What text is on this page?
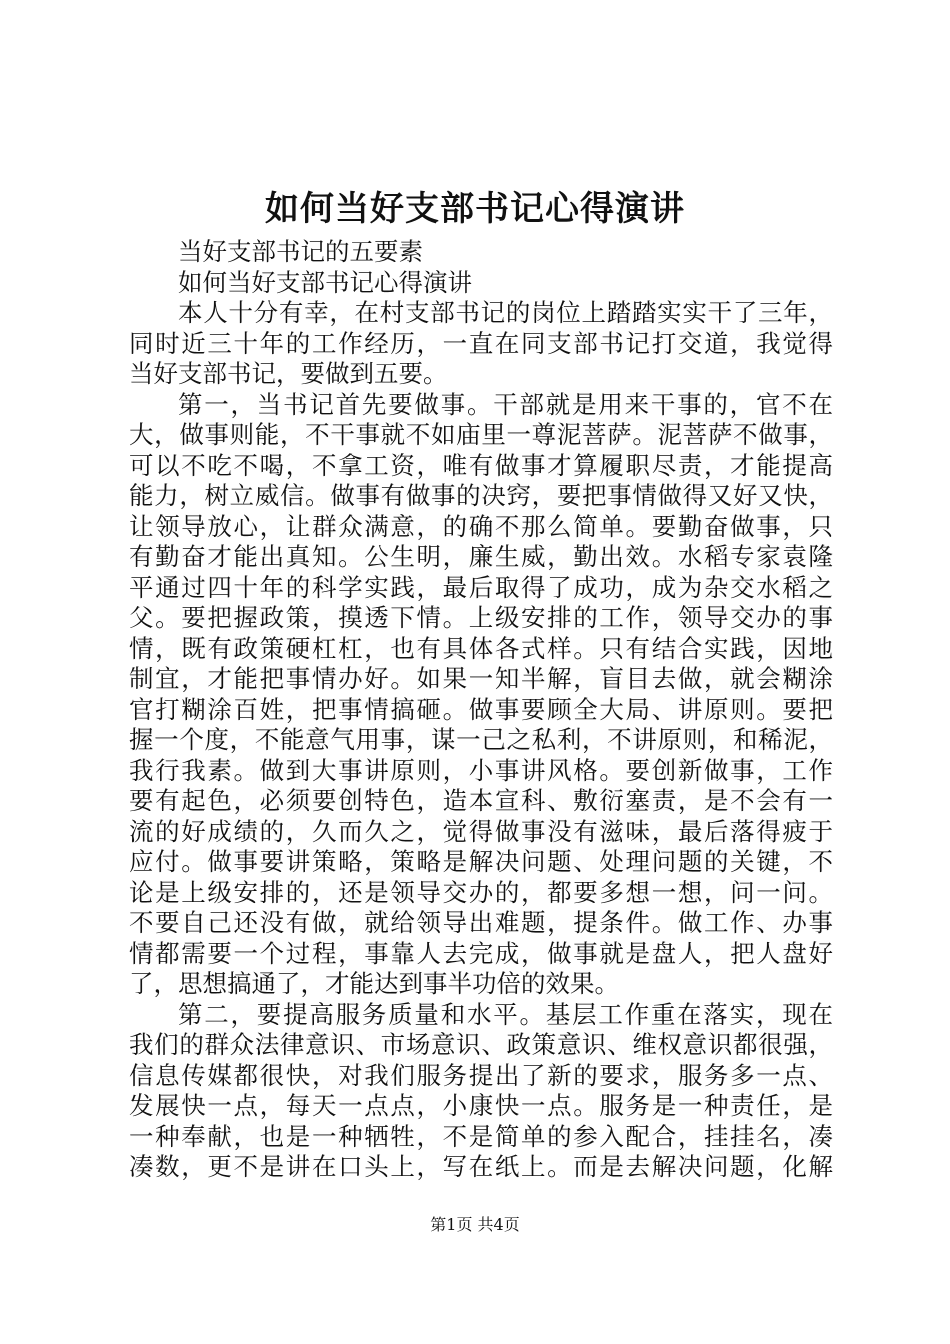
如何当好支部书记心得演讲
当好支部书记的五要素
如何当好支部书记心得演讲
本人十分有幸，在村支部书记的岗位上踏踏实实干了三年，
同时近三十年的工作经历，一直在同支部书记打交道，我觉得
当好支部书记，要做到五要。
第一，当书记首先要做事。干部就是用来干事的，官不在
大，做事则能，不干事就不如庙里一尊泥菩萨。泥菩萨不做事，
可以不吃不喝，不拿工资，唯有做事才算履职尽责，才能提高
能力，树立威信。做事有做事的决窍，要把事情做得又好又快，
让领导放心，让群众满意，的确不那么简单。要勤奋做事，只
有勤奋才能出真知。公生明，廉生威，勤出效。水稻专家袁隆
平通过四十年的科学实践，最后取得了成功，成为杂交水稻之
父。要把握政策，摸透下情。上级安排的工作，领导交办的事
情，既有政策硬杠杠，也有具体各式样。只有结合实践，因地
制宜，才能把事情办好。如果一知半解，盲目去做，就会糊涂
官打糊涂百姓，把事情搞砸。做事要顾全大局、讲原则。要把
握一个度，不能意气用事，谋一己之私利，不讲原则，和稀泥，
我行我素。做到大事讲原则，小事讲风格。要创新做事，工作
要有起色，必须要创特色，造本宣科、敷衍塞责，是不会有一
流的好成绩的，久而久之，觉得做事没有滋味，最后落得疲于
应付。做事要讲策略，策略是解决问题、处理问题的关键，不
论是上级安排的，还是领导交办的，都要多想一想，问一问。
不要自己还没有做，就给领导出难题，提条件。做工作、办事
情都需要一个过程，事靠人去完成，做事就是盘人，把人盘好
了，思想搞通了，才能达到事半功倍的效果。
第二，要提高服务质量和水平。基层工作重在落实，现在
我们的群众法律意识、市场意识、政策意识、维权意识都很强，
信息传媒都很快，对我们服务提出了新的要求，服务多一点、
发展快一点，每天一点点，小康快一点。服务是一种责任，是
一种奉献，也是一种牺牲，不是简单的参入配合，挂挂名，凑
凑数，更不是讲在口头上，写在纸上。而是去解决问题，化解
第1页 共4页
